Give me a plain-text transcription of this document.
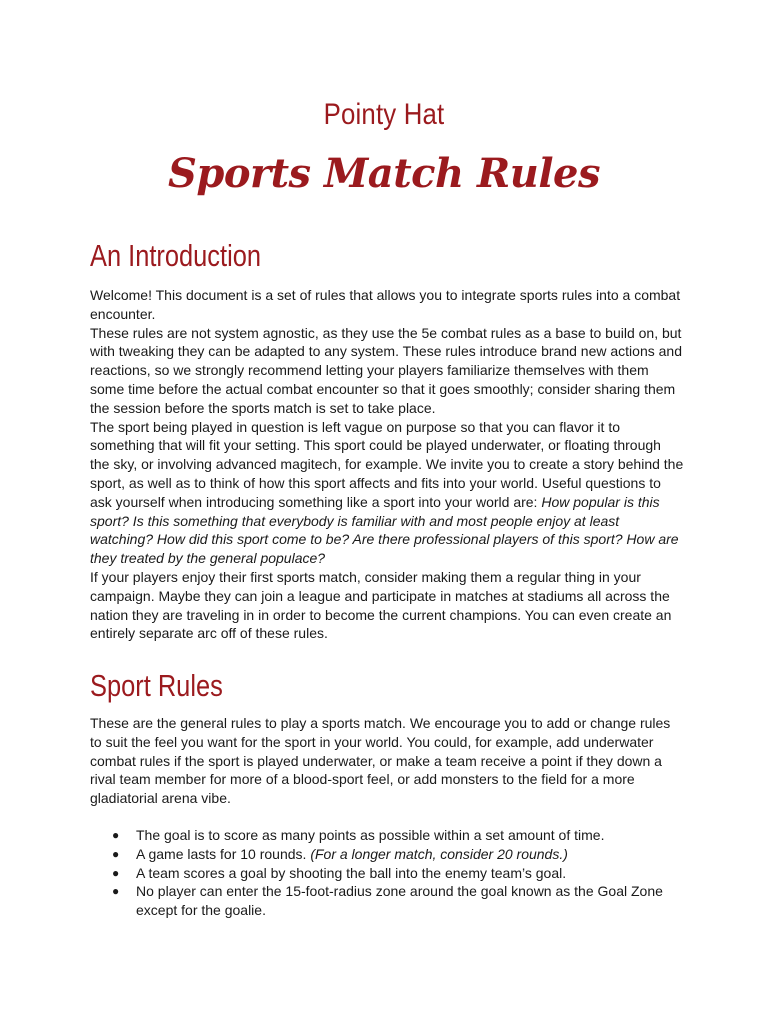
Pointy Hat
Sports Match Rules
An Introduction

Welcome! This document is a set of rules that allows you to integrate sports rules into a combat encounter.

These rules are not system agnostic, as they use the 5e combat rules as a base to build on, but with tweaking they can be adapted to any system. These rules introduce brand new actions and reactions, so we strongly recommend letting your players familiarize themselves with them some time before the actual combat encounter so that it goes smoothly; consider sharing them the session before the sports match is set to take place.

The sport being played in question is left vague on purpose so that you can flavor it to something that will fit your setting. This sport could be played underwater, or floating through the sky, or involving advanced magitech, for example. We invite you to create a story behind the sport, as well as to think of how this sport affects and fits into your world. Useful questions to ask yourself when introducing something like a sport into your world are: How popular is this sport? Is this something that everybody is familiar with and most people enjoy at least watching? How did this sport come to be? Are there professional players of this sport? How are they treated by the general populace?

If your players enjoy their first sports match, consider making them a regular thing in your campaign. Maybe they can join a league and participate in matches at stadiums all across the nation they are traveling in in order to become the current champions. You can even create an entirely separate arc off of these rules.

Sport Rules

These are the general rules to play a sports match. We encourage you to add or change rules to suit the feel you want for the sport in your world. You could, for example, add underwater combat rules if the sport is played underwater, or make a team receive a point if they down a rival team member for more of a blood-sport feel, or add monsters to the field for a more gladiatorial arena vibe.

● The goal is to score as many points as possible within a set amount of time.
● A game lasts for 10 rounds. (For a longer match, consider 20 rounds.)
● A team scores a goal by shooting the ball into the enemy team’s goal.
● No player can enter the 15-foot-radius zone around the goal known as the Goal Zone except for the goalie.
